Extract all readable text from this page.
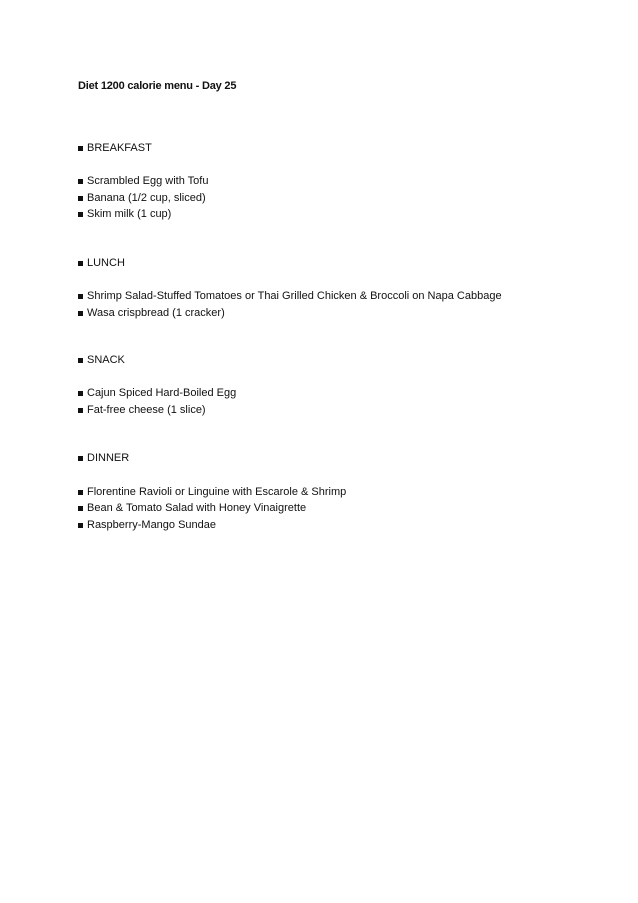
Diet 1200 calorie menu - Day 25
BREAKFAST
Scrambled Egg with Tofu
Banana (1/2 cup, sliced)
Skim milk (1 cup)
LUNCH
Shrimp Salad-Stuffed Tomatoes or Thai Grilled Chicken & Broccoli on Napa Cabbage
Wasa crispbread (1 cracker)
SNACK
Cajun Spiced Hard-Boiled Egg
Fat-free cheese (1 slice)
DINNER
Florentine Ravioli or Linguine with Escarole & Shrimp
Bean & Tomato Salad with Honey Vinaigrette
Raspberry-Mango Sundae
